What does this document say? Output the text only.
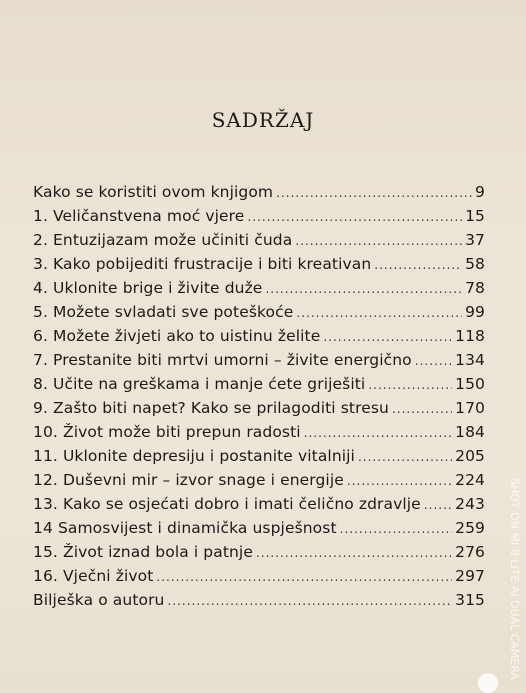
SADRŽAJ
Kako se koristiti ovom knjigom .....	9
1. Veličanstvena moć vjere .....	15
2. Entuzijazam može učiniti čuda .....	37
3. Kako pobijediti frustracije i biti kreativan .....	58
4. Uklonite brige i živite duže .....	78
5. Možete svladati sve poteškoće .....	99
6. Možete živjeti ako to uistinu želite .....	118
7. Prestanite biti mrtvi umorni – živite energično .....	134
8. Učite na greškama i manje ćete griješiti .....	150
9. Zašto biti napet? Kako se prilagoditi stresu .....	170
10. Život može biti prepun radosti .....	184
11. Uklonite depresiju i postanite vitalniji .....	205
12. Duševni mir – izvor snage i energije .....	224
13. Kako se osjećati dobro i imati čelično zdravlje ..... 243
14 Samosvijest i dinamička uspješnost .....	259
15. Život iznad bola i patnje .....	276
16. Vječni život .....	297
Bilješka o autoru .....	315 SHOT ON MI 8 LITE AI DUAL CAMERA
